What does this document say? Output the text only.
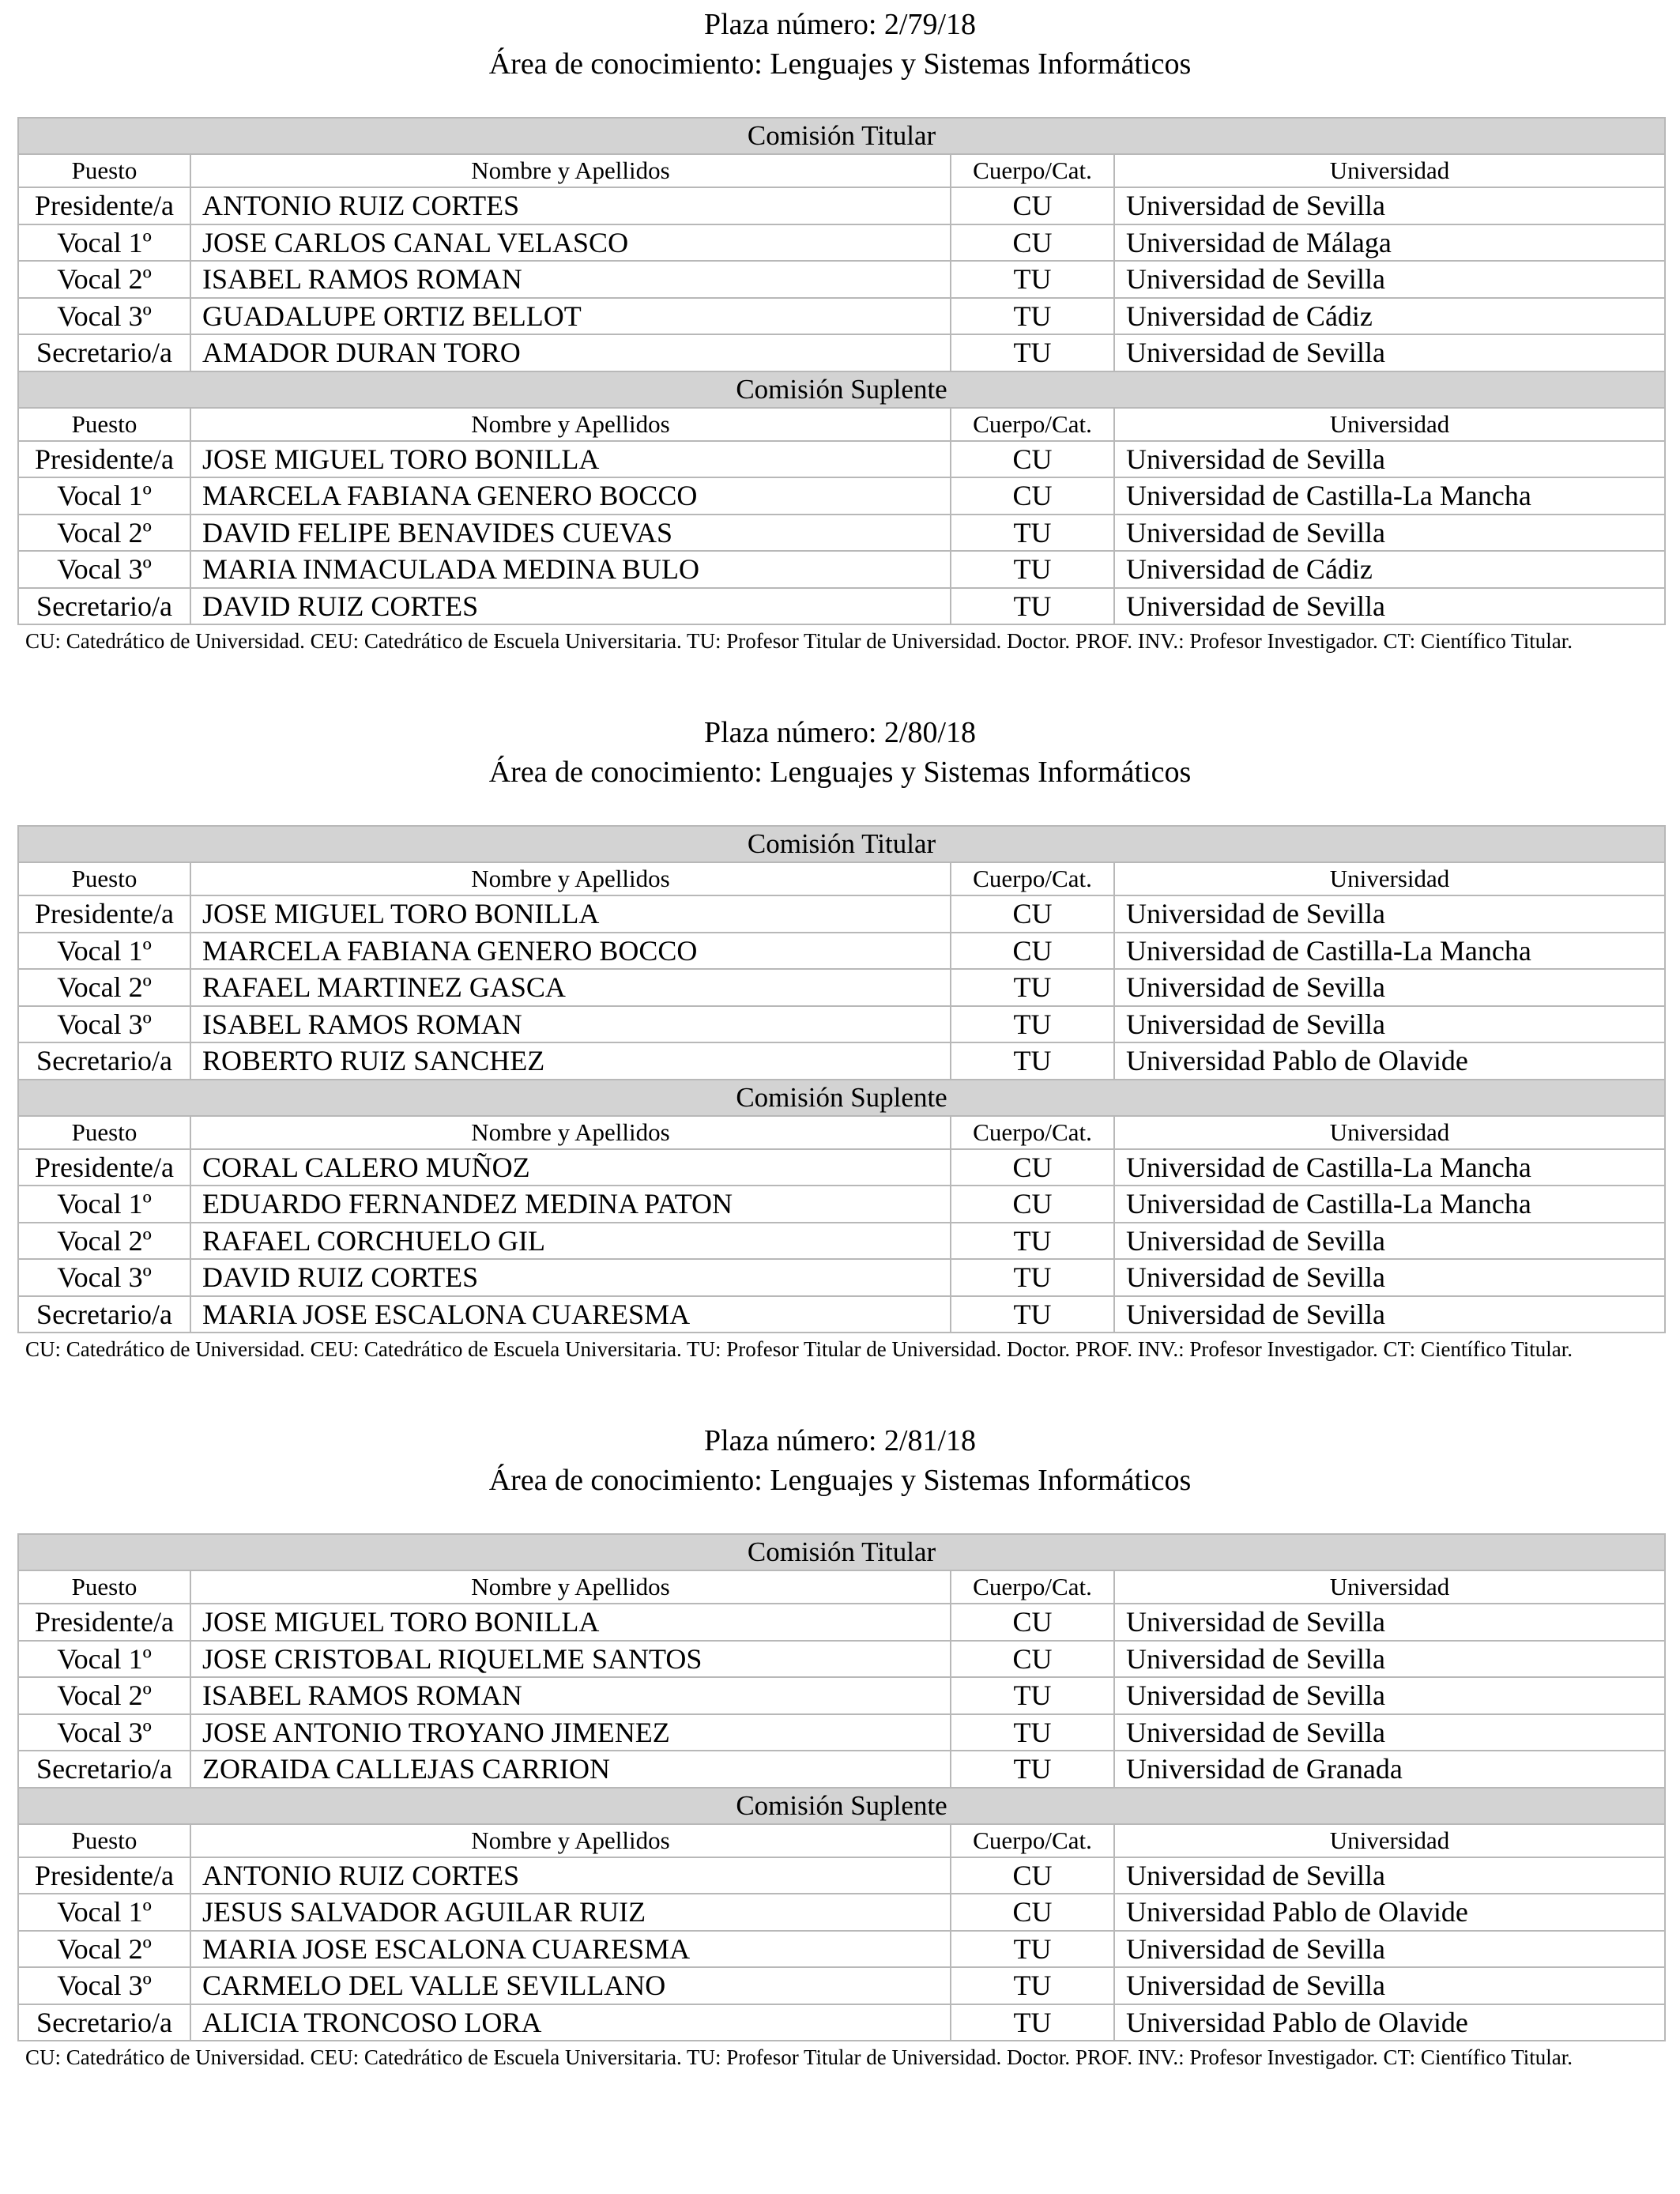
Plaza número: 2/79/18
Área de conocimiento: Lenguajes y Sistemas Informáticos
Comisión Titular			
Puesto	Nombre y Apellidos	Cuerpo/Cat.	Universidad
Presidente/a	ANTONIO RUIZ CORTES	CU	Universidad de Sevilla
Vocal 1º	JOSE CARLOS CANAL VELASCO	CU	Universidad de Málaga
Vocal 2º	ISABEL RAMOS ROMAN	TU	Universidad de Sevilla
Vocal 3º	GUADALUPE ORTIZ BELLOT	TU	Universidad de Cádiz
Secretario/a	AMADOR DURAN TORO	TU	Universidad de Sevilla
Comisión Suplente			
Puesto	Nombre y Apellidos	Cuerpo/Cat.	Universidad
Presidente/a	JOSE MIGUEL TORO BONILLA	CU	Universidad de Sevilla
Vocal 1º	MARCELA FABIANA GENERO BOCCO	CU	Universidad de Castilla-La Mancha
Vocal 2º	DAVID FELIPE BENAVIDES CUEVAS	TU	Universidad de Sevilla
Vocal 3º	MARIA INMACULADA MEDINA BULO	TU	Universidad de Cádiz
Secretario/a	DAVID RUIZ CORTES	TU	Universidad de Sevilla
CU: Catedrático de Universidad. CEU: Catedrático de Escuela Universitaria. TU: Profesor Titular de Universidad. Doctor. PROF. INV.: Profesor Investigador. CT: Científico Titular.
Plaza número: 2/80/18
Área de conocimiento: Lenguajes y Sistemas Informáticos
Comisión Titular			
Puesto	Nombre y Apellidos	Cuerpo/Cat.	Universidad
Presidente/a	JOSE MIGUEL TORO BONILLA	CU	Universidad de Sevilla
Vocal 1º	MARCELA FABIANA GENERO BOCCO	CU	Universidad de Castilla-La Mancha
Vocal 2º	RAFAEL MARTINEZ GASCA	TU	Universidad de Sevilla
Vocal 3º	ISABEL RAMOS ROMAN	TU	Universidad de Sevilla
Secretario/a	ROBERTO RUIZ SANCHEZ	TU	Universidad Pablo de Olavide
Comisión Suplente			
Puesto	Nombre y Apellidos	Cuerpo/Cat.	Universidad
Presidente/a	CORAL CALERO MUÑOZ	CU	Universidad de Castilla-La Mancha
Vocal 1º	EDUARDO FERNANDEZ MEDINA PATON	CU	Universidad de Castilla-La Mancha
Vocal 2º	RAFAEL CORCHUELO GIL	TU	Universidad de Sevilla
Vocal 3º	DAVID RUIZ CORTES	TU	Universidad de Sevilla
Secretario/a	MARIA JOSE ESCALONA CUARESMA	TU	Universidad de Sevilla
CU: Catedrático de Universidad. CEU: Catedrático de Escuela Universitaria. TU: Profesor Titular de Universidad. Doctor. PROF. INV.: Profesor Investigador. CT: Científico Titular.
Plaza número: 2/81/18
Área de conocimiento: Lenguajes y Sistemas Informáticos
Comisión Titular			
Puesto	Nombre y Apellidos	Cuerpo/Cat.	Universidad
Presidente/a	JOSE MIGUEL TORO BONILLA	CU	Universidad de Sevilla
Vocal 1º	JOSE CRISTOBAL RIQUELME SANTOS	CU	Universidad de Sevilla
Vocal 2º	ISABEL RAMOS ROMAN	TU	Universidad de Sevilla
Vocal 3º	JOSE ANTONIO TROYANO JIMENEZ	TU	Universidad de Sevilla
Secretario/a	ZORAIDA CALLEJAS CARRION	TU	Universidad de Granada
Comisión Suplente			
Puesto	Nombre y Apellidos	Cuerpo/Cat.	Universidad
Presidente/a	ANTONIO RUIZ CORTES	CU	Universidad de Sevilla
Vocal 1º	JESUS SALVADOR AGUILAR RUIZ	CU	Universidad Pablo de Olavide
Vocal 2º	MARIA JOSE ESCALONA CUARESMA	TU	Universidad de Sevilla
Vocal 3º	CARMELO DEL VALLE SEVILLANO	TU	Universidad de Sevilla
Secretario/a	ALICIA TRONCOSO LORA	TU	Universidad Pablo de Olavide
CU: Catedrático de Universidad. CEU: Catedrático de Escuela Universitaria. TU: Profesor Titular de Universidad. Doctor. PROF. INV.: Profesor Investigador. CT: Científico Titular.
